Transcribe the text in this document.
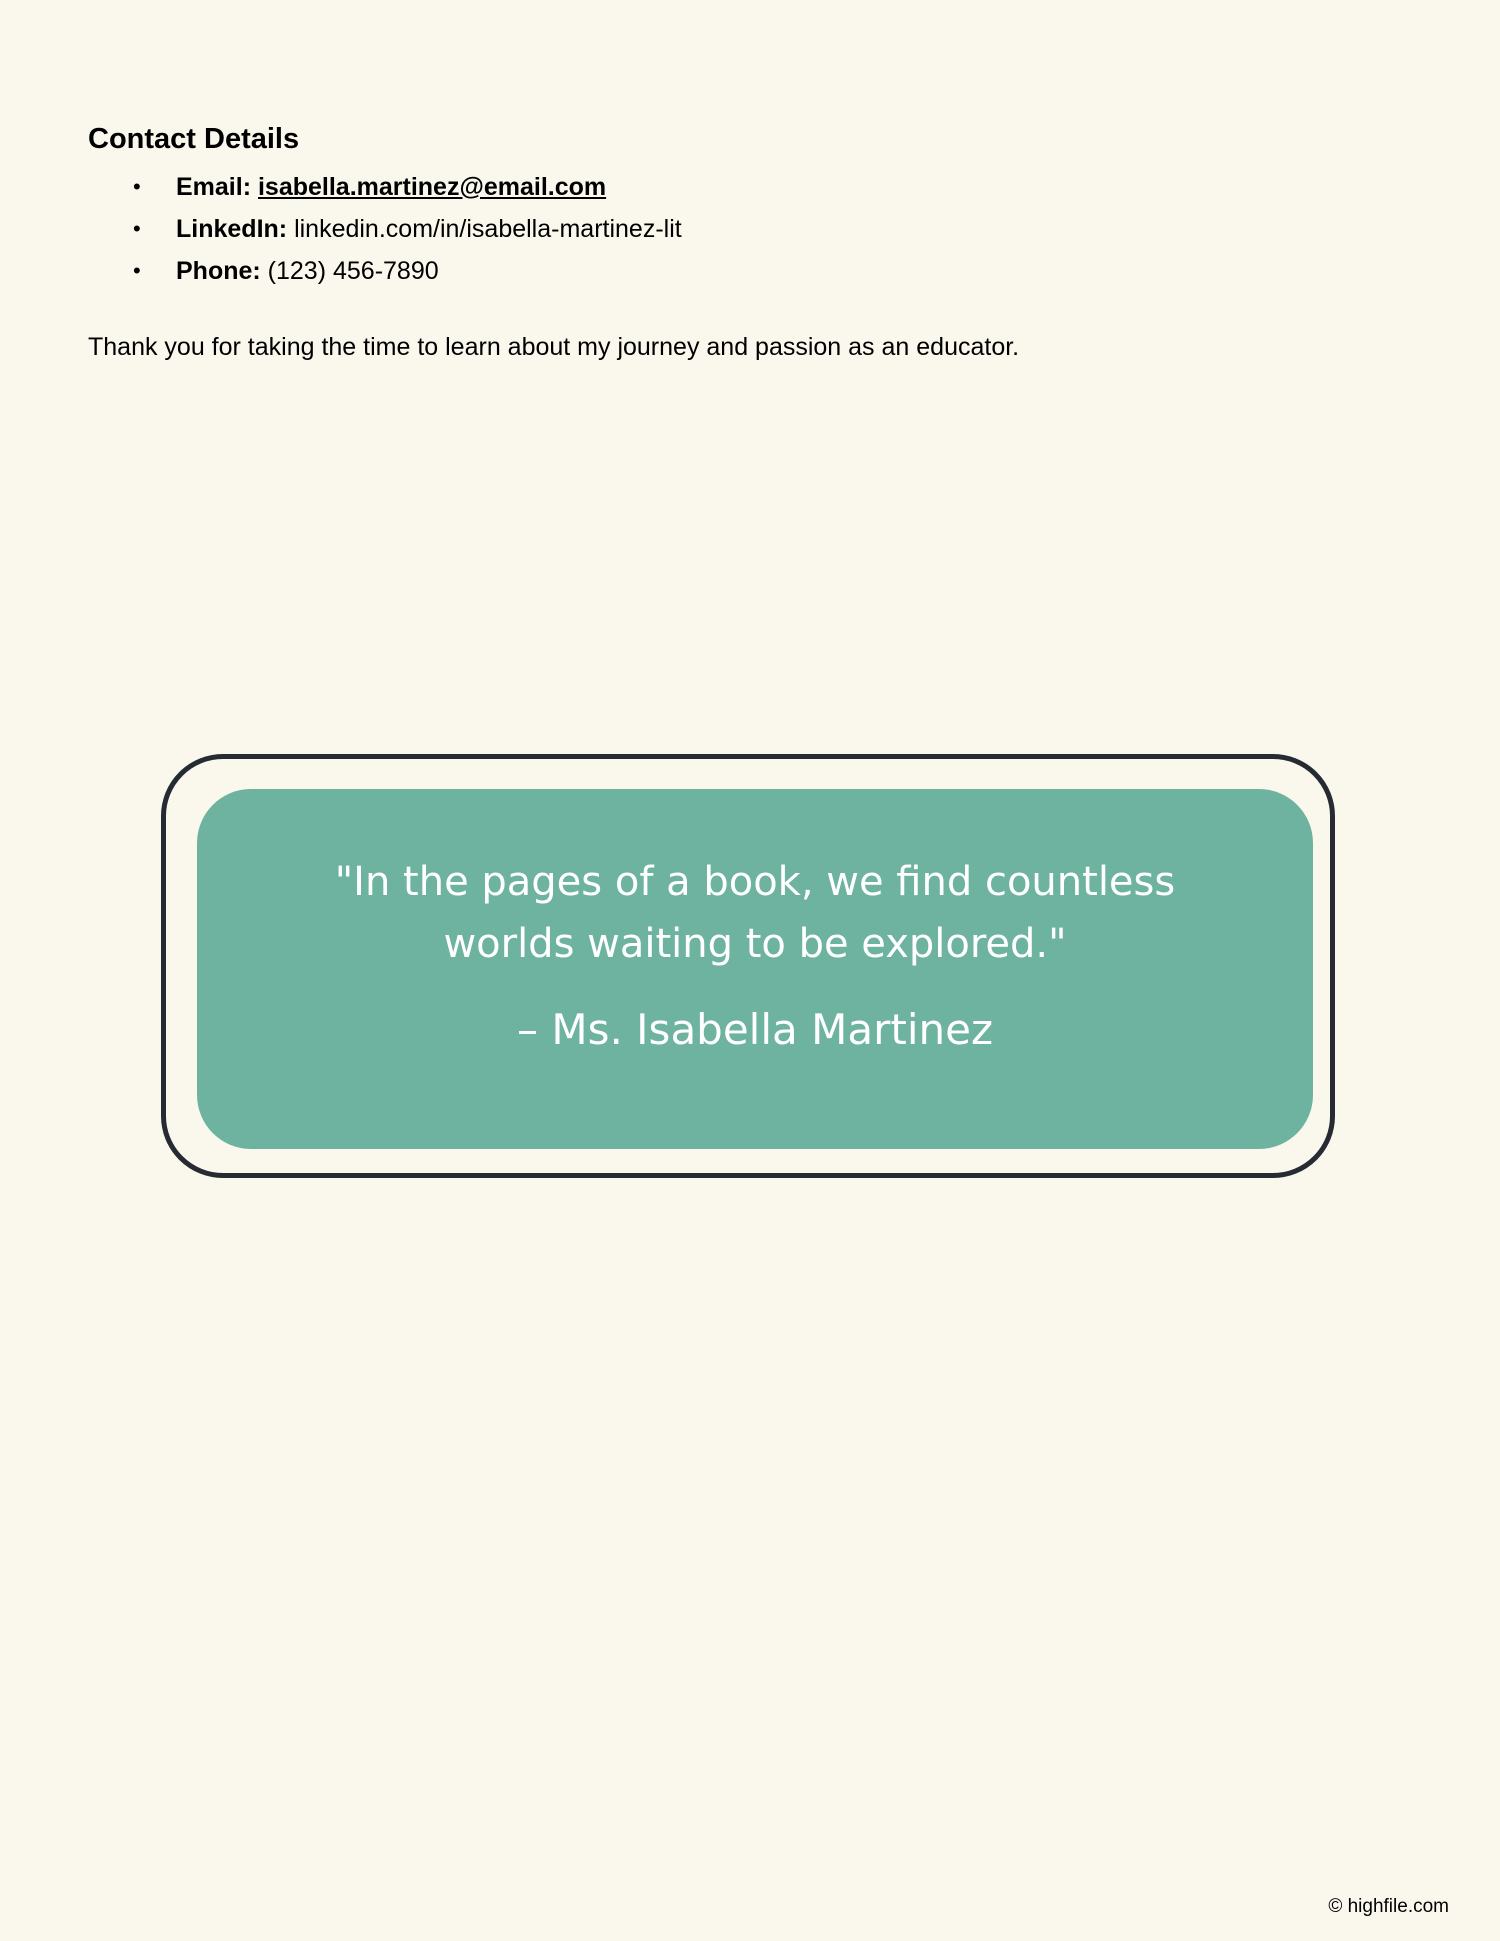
Contact Details
• Email: isabella.martinez@email.com
• LinkedIn: linkedin.com/in/isabella-martinez-lit
• Phone: (123) 456-7890

Thank you for taking the time to learn about my journey and passion as an educator.

"In the pages of a book, we find countless
worlds waiting to be explored."

– Ms. Isabella Martinez

© highfile.com
